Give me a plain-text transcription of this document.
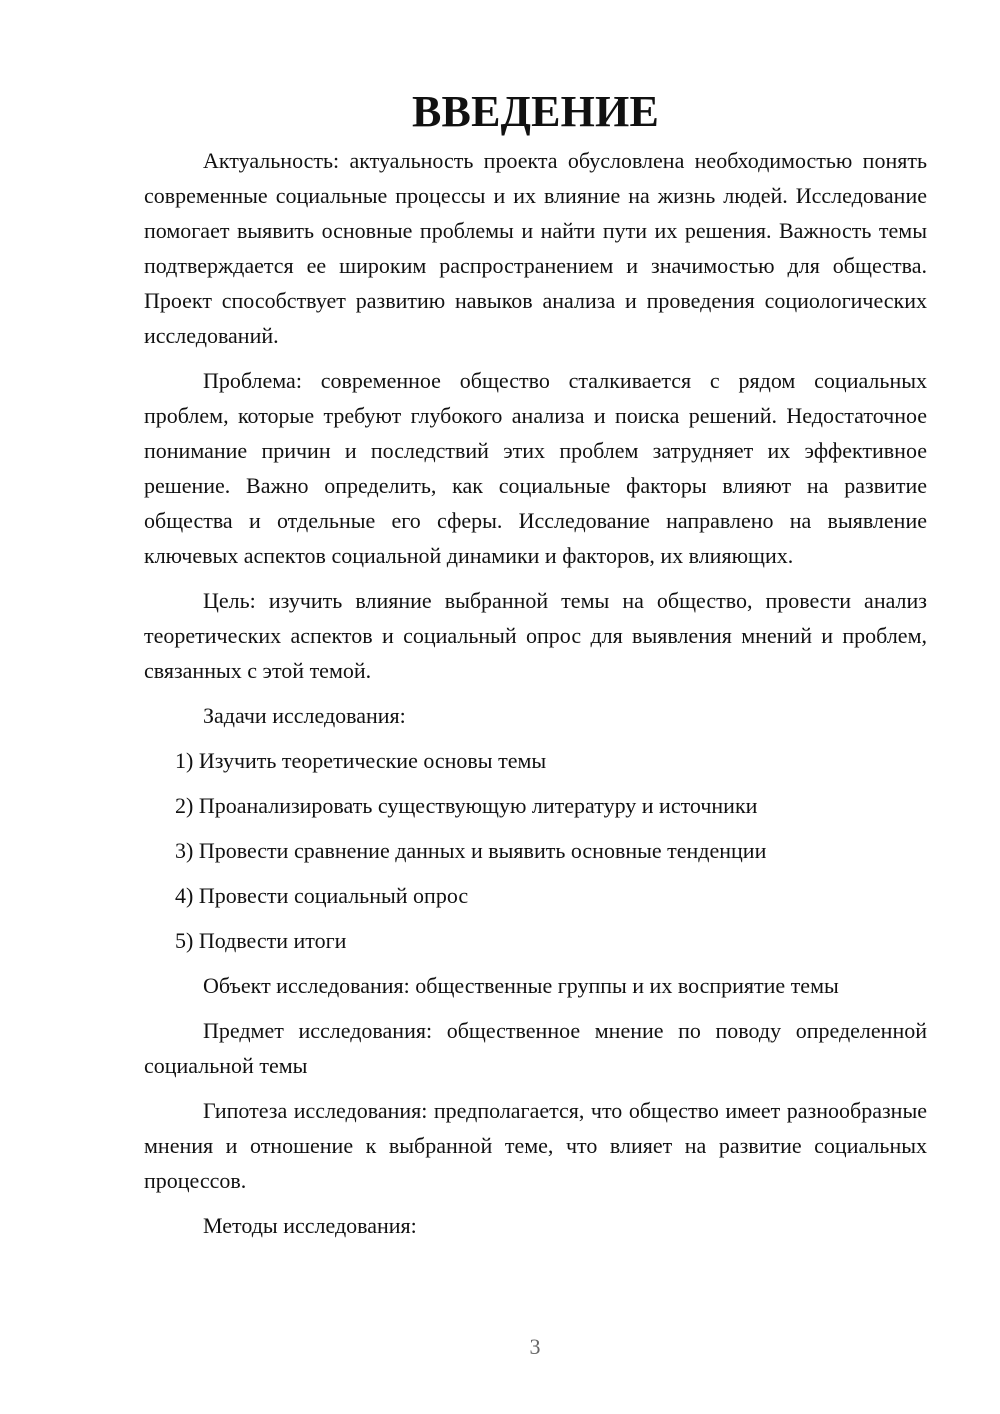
ВВЕДЕНИЕ

Актуальность: актуальность проекта обусловлена необходимостью понять современные социальные процессы и их влияние на жизнь людей. Исследование помогает выявить основные проблемы и найти пути их решения. Важность темы подтверждается ее широким распространением и значимостью для общества. Проект способствует развитию навыков анализа и проведения социологических исследований.

Проблема: современное общество сталкивается с рядом социальных проблем, которые требуют глубокого анализа и поиска решений. Недостаточное понимание причин и последствий этих проблем затрудняет их эффективное решение. Важно определить, как социальные факторы влияют на развитие общества и отдельные его сферы. Исследование направлено на выявление ключевых аспектов социальной динамики и факторов, их влияющих.

Цель: изучить влияние выбранной темы на общество, провести анализ теоретических аспектов и социальный опрос для выявления мнений и проблем, связанных с этой темой.

Задачи исследования:

1) Изучить теоретические основы темы
2) Проанализировать существующую литературу и источники
3) Провести сравнение данных и выявить основные тенденции
4) Провести социальный опрос
5) Подвести итоги

Объект исследования: общественные группы и их восприятие темы

Предмет исследования: общественное мнение по поводу определенной социальной темы

Гипотеза исследования: предполагается, что общество имеет разнообразные мнения и отношение к выбранной теме, что влияет на развитие социальных процессов.

Методы исследования:

3
